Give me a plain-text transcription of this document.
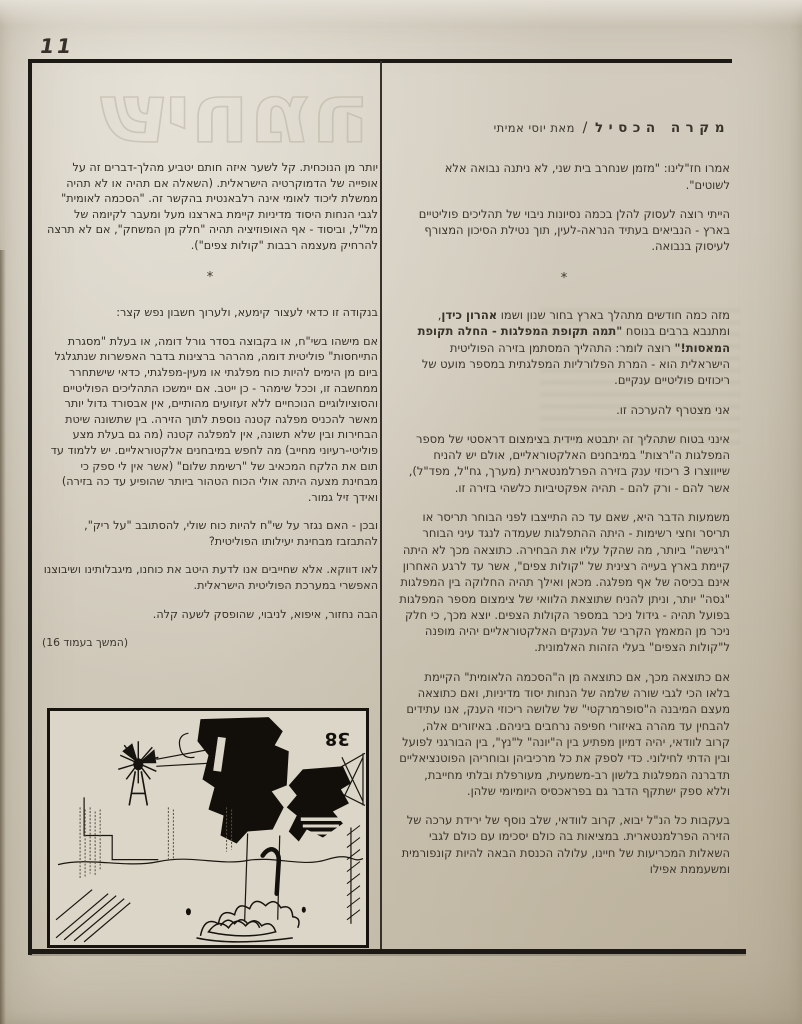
11
שיחמה	מקרה הכסיל / מאת יוסי אמיתי

אמרו חז"לינו: "מזמן שנחרב בית שני, לא ניתנה נבואה אלא לשוטים".

הייתי רוצה לעסוק להלן בכמה נסיונות ניבוי של תהליכים פוליטיים בארץ - הנביאים בעתיד הנראה-לעין, תוך נטילת הסיכון המצורף לעיסוק בנבואה.

*

מזה כמה חודשים מתהלך בארץ בחור שנון ושמו אהרון כידן, ומתנבא ברבים בנוסח "תמה תקופת המפלגות - החלה תקופת המאסות!" רוצה לומר: התהליך המסתמן בזירה הפוליטית הישראלית הוא - המרת הפלורליות המפלגתית במספר מועט של ריכוזים פוליטיים ענקיים.

אני מצטרף להערכה זו.

אינני בטוח שתהליך זה יתבטא מיידית בצימצום דראסטי של מספר המפלגות ה"רצות" במיבחנים האלקטוראליים, אולם יש להניח שייווצרו 3 ריכוזי ענק בזירה הפרלמנטארית (מערך, גח"ל, מפד"ל), אשר להם - ורק להם - תהיה אפקטיביות כלשהי בזירה זו.

משמעות הדבר היא, שאם עד כה התייצבו לפני הבוחר תריסר או תריסר וחצי רשימות - היתה ההתפלגות שעמדה לנגד עיני הבוחר "רגישה" ביותר, מה שהקל עליו את הבחירה. כתוצאה מכך לא היתה קיימת בארץ בעייה רצינית של "קולות צפים", אשר עד לרגע האחרון אינם בכיסה של אף מפלגה. מכאן ואילך תהיה החלוקה בין המפלגות "גסה" יותר, וניתן להניח שתוצאת הלוואי של צימצום מספר המפלגות בפועל תהיה - גידול ניכר במספר הקולות הצפים. יוצא מכך, כי חלק ניכר מן המאמץ הקרבי של הענקים האלקטוראליים יהיה מופנה ל"קולות הצפים" בעלי הזהות האלמונית.

אם כתוצאה מכך, אם כתוצאה מן ה"הסכמה הלאומית" הקיימת בלאו הכי לגבי שורה שלמה של הנחות יסוד מדיניות, ואם כתוצאה מעצם המיבנה ה"סופרמרקטי" של שלושה ריכוזי הענק, אנו עתידים להבחין עד מהרה באיזורי חפיפה נרחבים ביניהם. באיזורים אלה, קרוב לוודאי, יהיה דמיון מפתיע בין ה"יונה" ל"נץ", בין הבורגני לפועל ובין הדתי לחילוני. כדי לספק את כל מרכיביהן ובוחריהן הפוטנציאליים תדברנה המפלגות בלשון רב-משמעית, מעורפלת ובלתי מחייבת, וללא ספק ישתקף הדבר גם בפראכסיס היומיומי שלהן.

בעקבות כל הנ"ל יבוא, קרוב לוודאי, שלב נוסף של ירידת ערכה של הזירה הפרלמנטארית. במציאות בה כולם יסכימו עם כולם לגבי השאלות המכריעות של חיינו, עלולה הכנסת הבאה להיות קונפורמית ומשעממת אפילו

יותר מן הנוכחית. קל לשער איזה חותם יטביע מהלך-דברים זה על אופייה של הדמוקרטיה הישראלית. (השאלה אם תהיה או לא תהיה ממשלת ליכוד לאומי אינה רלבאנטית בהקשר זה. "הסכמה לאומית" לגבי הנחות היסוד מדיניות קיימת בארצנו מעל ומעבר לקיומה של מל"ל, וביסוד - אף האופוזיציה תהיה "חלק מן המשחק", אם לא תרצה להרחיק מעצמה רבבות "קולות צפים").

*

בנקודה זו כדאי לעצור קימעא, ולערוך חשבון נפש קצר:

אם מישהו בשי"ח, או בקבוצה בסדר גורל דומה, או בעלת "מסגרת התייחסות" פוליטית דומה, מהרהר ברצינות בדבר האפשרות שנתגלגל ביום מן הימים להיות כוח מפלגתי או מעין-מפלגתי, כדאי שישתחרר ממחשבה זו, וככל שימהר - כן ייטב. אם יימשכו התהליכים הפוליטיים והסוציולוגיים הנוכחיים ללא זעזועים מהותיים, אין אבסורד גדול יותר מאשר להכניס מפלגה קטנה נוספת לתוך הזירה. בין שתשונה שיטת הבחירות ובין שלא תשונה, אין למפלגה קטנה (מה גם בעלת מצע פוליטי-רעיוני מחייב) מה לחפש במיבחנים אלקטוראליים. יש ללמוד עד תום את הלקח המכאיב של "רשימת שלום" (אשר אין לי ספק כי מבחינת מצעה היתה אולי הכוח הטהור ביותר שהופיע עד כה בזירה) ואידך זיל גמור.

ובכן - האם נגזר על שי"ח להיות כוח שולי, להסתובב "על ריק", להתבזבז מבחינת יעילותו הפוליטית?

לאו דווקא. אלא שחייבים אנו לדעת היטב את כוחנו, מיגבלותינו ושיבוצנו האפשרי במערכת הפוליטית הישראלית.

הבה נחזור, איפוא, לניבוי, שהופסק לשעה קלה.

(המשך בעמוד 16)

38
